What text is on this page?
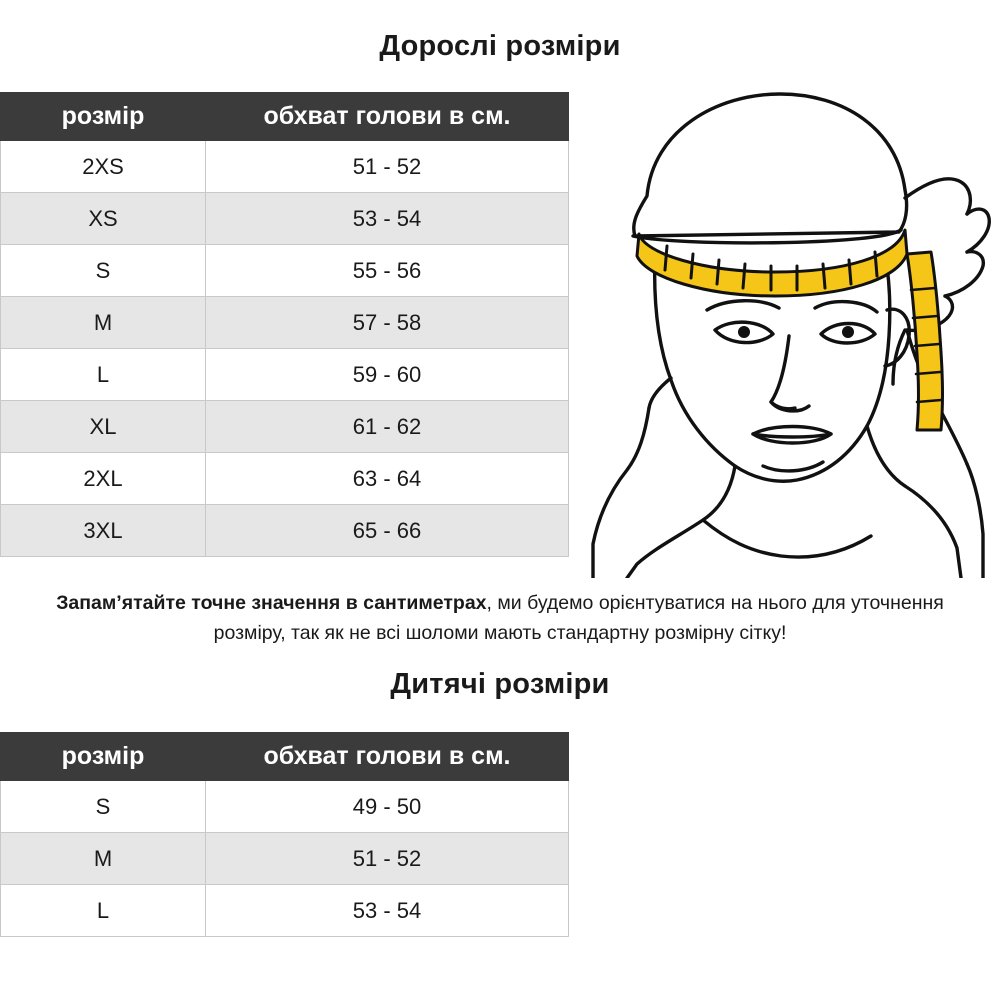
Дорослі розміри
розмір	обхват голови в см.
2XS	51 - 52
XS	53 - 54
S	55 - 56
M	57 - 58
L	59 - 60
XL	61 - 62
2XL	63 - 64
3XL	65 - 66
Запам’ятайте точне значення в сантиметрах, ми будемо орієнтуватися на нього для уточнення розміру, так як не всі шоломи мають стандартну розмірну сітку!
Дитячі розміри
розмір	обхват голови в см.
S	49 - 50
M	51 - 52
L	53 - 54
